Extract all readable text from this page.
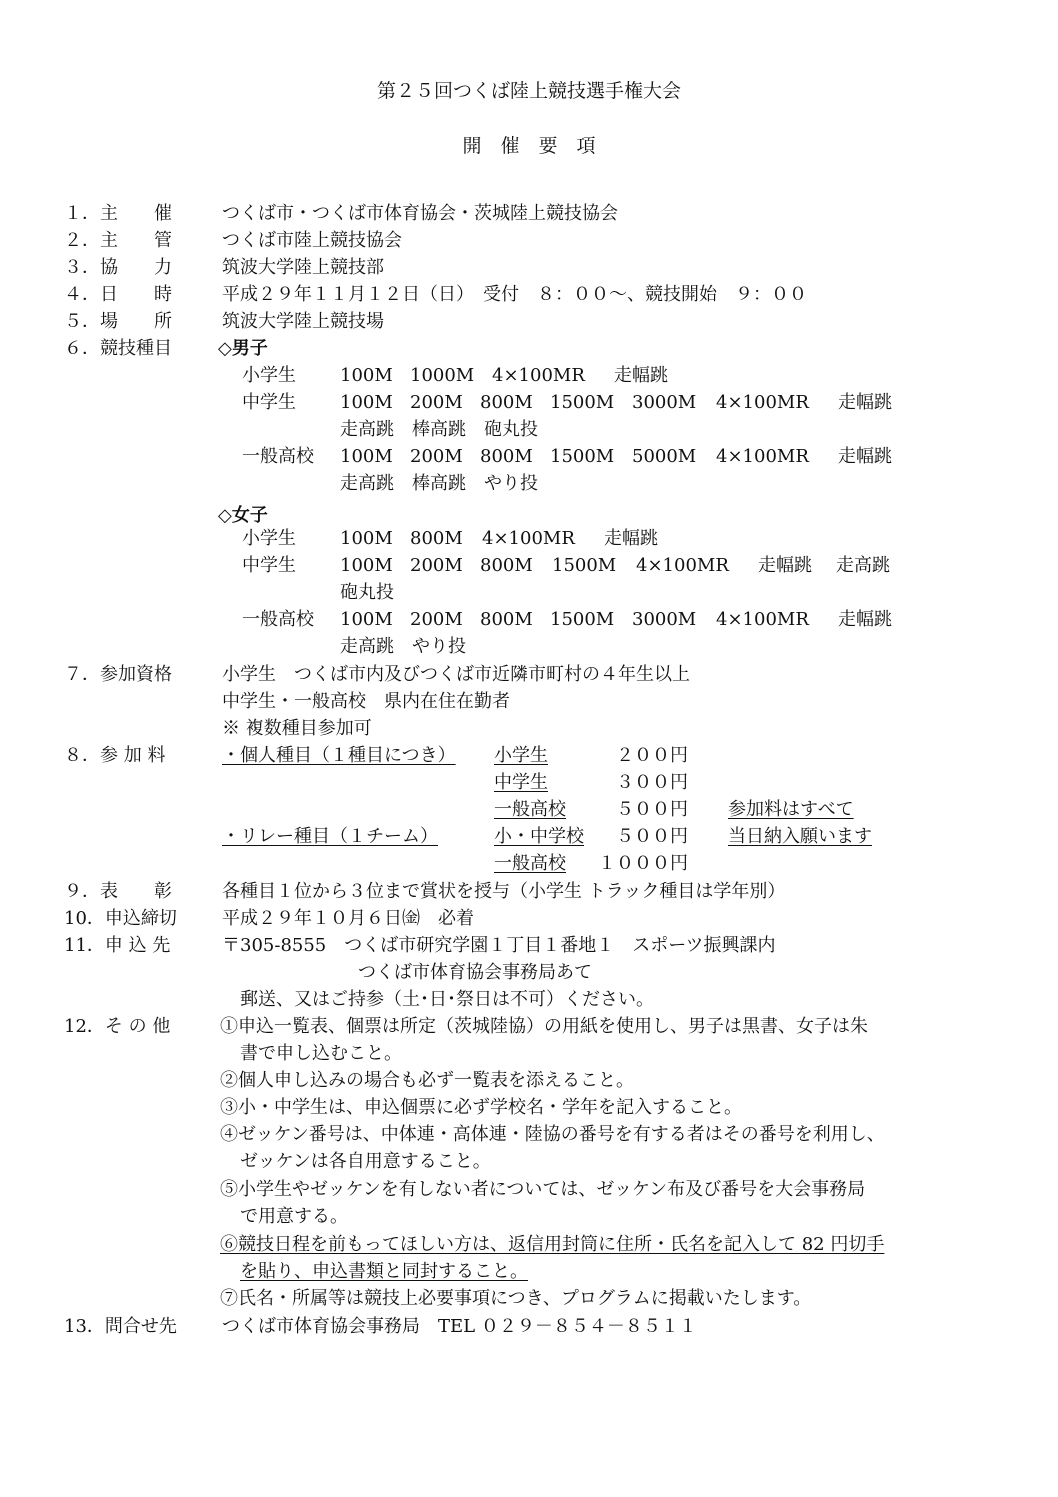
第２５回つくば陸上競技選手権大会
開　催　要　項
１．主　　催	つくば市・つくば市体育協会・茨城陸上競技協会
２．主　　管	つくば市陸上競技協会
３．協　　力	筑波大学陸上競技部
４．日　　時	平成２９年１１月１２日（日）　受付　８：００～、競技開始　９：００
５．場　　所	筑波大学陸上競技場
６．競技種目	◇男子
小学生 100M 1000M 4×100MR 走幅跳
中学生 100M 200M 800M 1500M 3000M 4×100MR 走幅跳
走高跳　棒高跳　砲丸投
一般高校 100M 200M 800M 1500M 5000M 4×100MR 走幅跳
走高跳　棒高跳　やり投
◇女子
小学生 100M 800M 4×100MR 走幅跳
中学生 100M 200M 800M 1500M 4×100MR 走幅跳 走高跳
砲丸投
一般高校 100M 200M 800M 1500M 3000M 4×100MR 走幅跳
走高跳　やり投
７．参加資格	小学生　つくば市内及びつくば市近隣市町村の４年生以上
中学生・一般高校　県内在住在勤者
※ 複数種目参加可
８．参 加 料	・個人種目（１種目につき）	小学生	２００円
中学生	３００円
一般高校	５００円 参加料はすべて
・リレー種目（１チーム）	小・中学校	５００円 当日納入願います
一般高校	１０００円
９．表　　彰	各種目１位から３位まで賞状を授与（小学生 トラック種目は学年別）
10．申込締切	平成２９年１０月６日㈮　必着
11．申 込 先	〒305-8555　つくば市研究学園１丁目１番地１　スポーツ振興課内
つくば市体育協会事務局あて
郵送、又はご持参（土･日･祭日は不可）ください。
12．そ の 他	①申込一覧表、個票は所定（茨城陸協）の用紙を使用し、男子は黒書、女子は朱
書で申し込むこと。
②個人申し込みの場合も必ず一覧表を添えること。
③小・中学生は、申込個票に必ず学校名・学年を記入すること。
④ゼッケン番号は、中体連・高体連・陸協の番号を有する者はその番号を利用し、
ゼッケンは各自用意すること。
⑤小学生やゼッケンを有しない者については、ゼッケン布及び番号を大会事務局
で用意する。
⑥競技日程を前もってほしい方は、返信用封筒に住所・氏名を記入して 82 円切手
を貼り、申込書類と同封すること。
⑦氏名・所属等は競技上必要事項につき、プログラムに掲載いたします。
13．問合せ先	つくば市体育協会事務局　TEL ０２９－８５４－８５１１
